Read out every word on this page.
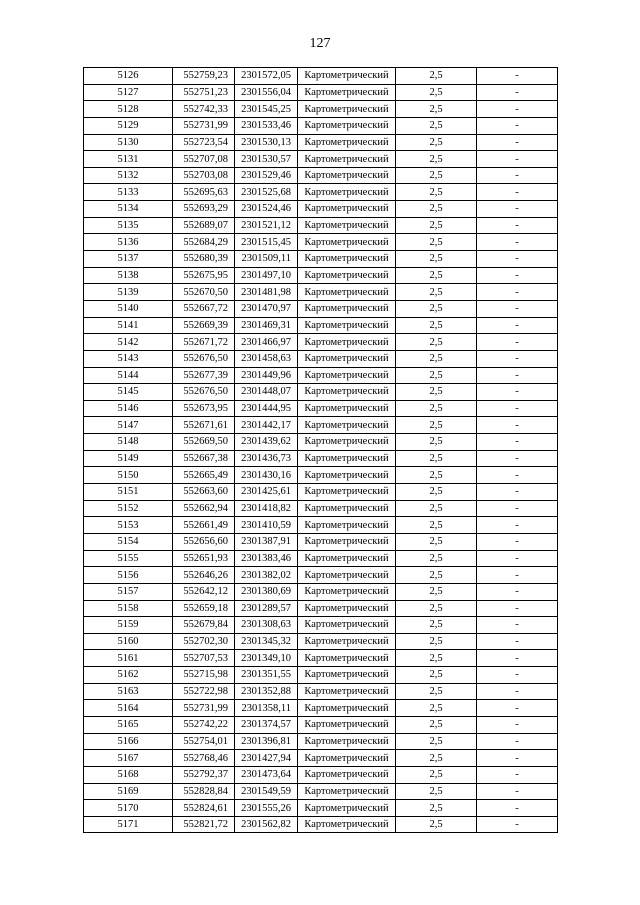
127
5126	552759,23	2301572,05	Картометрический	2,5	-
5127	552751,23	2301556,04	Картометрический	2,5	-
5128	552742,33	2301545,25	Картометрический	2,5	-
5129	552731,99	2301533,46	Картометрический	2,5	-
5130	552723,54	2301530,13	Картометрический	2,5	-
5131	552707,08	2301530,57	Картометрический	2,5	-
5132	552703,08	2301529,46	Картометрический	2,5	-
5133	552695,63	2301525,68	Картометрический	2,5	-
5134	552693,29	2301524,46	Картометрический	2,5	-
5135	552689,07	2301521,12	Картометрический	2,5	-
5136	552684,29	2301515,45	Картометрический	2,5	-
5137	552680,39	2301509,11	Картометрический	2,5	-
5138	552675,95	2301497,10	Картометрический	2,5	-
5139	552670,50	2301481,98	Картометрический	2,5	-
5140	552667,72	2301470,97	Картометрический	2,5	-
5141	552669,39	2301469,31	Картометрический	2,5	-
5142	552671,72	2301466,97	Картометрический	2,5	-
5143	552676,50	2301458,63	Картометрический	2,5	-
5144	552677,39	2301449,96	Картометрический	2,5	-
5145	552676,50	2301448,07	Картометрический	2,5	-
5146	552673,95	2301444,95	Картометрический	2,5	-
5147	552671,61	2301442,17	Картометрический	2,5	-
5148	552669,50	2301439,62	Картометрический	2,5	-
5149	552667,38	2301436,73	Картометрический	2,5	-
5150	552665,49	2301430,16	Картометрический	2,5	-
5151	552663,60	2301425,61	Картометрический	2,5	-
5152	552662,94	2301418,82	Картометрический	2,5	-
5153	552661,49	2301410,59	Картометрический	2,5	-
5154	552656,60	2301387,91	Картометрический	2,5	-
5155	552651,93	2301383,46	Картометрический	2,5	-
5156	552646,26	2301382,02	Картометрический	2,5	-
5157	552642,12	2301380,69	Картометрический	2,5	-
5158	552659,18	2301289,57	Картометрический	2,5	-
5159	552679,84	2301308,63	Картометрический	2,5	-
5160	552702,30	2301345,32	Картометрический	2,5	-
5161	552707,53	2301349,10	Картометрический	2,5	-
5162	552715,98	2301351,55	Картометрический	2,5	-
5163	552722,98	2301352,88	Картометрический	2,5	-
5164	552731,99	2301358,11	Картометрический	2,5	-
5165	552742,22	2301374,57	Картометрический	2,5	-
5166	552754,01	2301396,81	Картометрический	2,5	-
5167	552768,46	2301427,94	Картометрический	2,5	-
5168	552792,37	2301473,64	Картометрический	2,5	-
5169	552828,84	2301549,59	Картометрический	2,5	-
5170	552824,61	2301555,26	Картометрический	2,5	-
5171	552821,72	2301562,82	Картометрический	2,5	-
